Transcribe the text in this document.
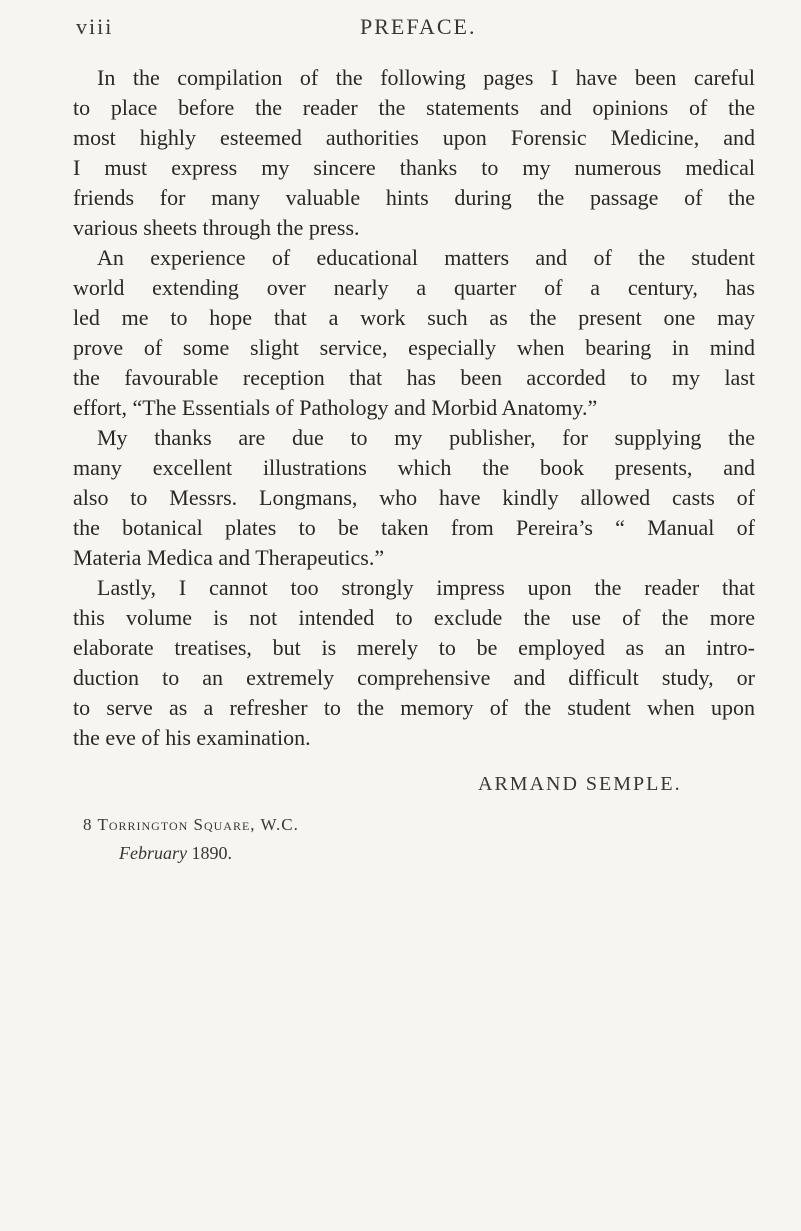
viii	PREFACE.
In the compilation of the following pages I have been careful
to place before the reader the statements and opinions of the
most highly esteemed authorities upon Forensic Medicine, and
I must express my sincere thanks to my numerous medical
friends for many valuable hints during the passage of the
various sheets through the press.
An experience of educational matters and of the student
world extending over nearly a quarter of a century, has
led me to hope that a work such as the present one may
prove of some slight service, especially when bearing in mind
the favourable reception that has been accorded to my last
effort, “The Essentials of Pathology and Morbid Anatomy.”
My thanks are due to my publisher, for supplying the
many excellent illustrations which the book presents, and
also to Messrs. Longmans, who have kindly allowed casts of
the botanical plates to be taken from Pereira’s “ Manual of
Materia Medica and Therapeutics.”
Lastly, I cannot too strongly impress upon the reader that
this volume is not intended to exclude the use of the more
elaborate treatises, but is merely to be employed as an intro-
duction to an extremely comprehensive and difficult study, or
to serve as a refresher to the memory of the student when upon
the eve of his examination.
ARMAND SEMPLE.
8 Torrington Square, W.C.
February 1890.
